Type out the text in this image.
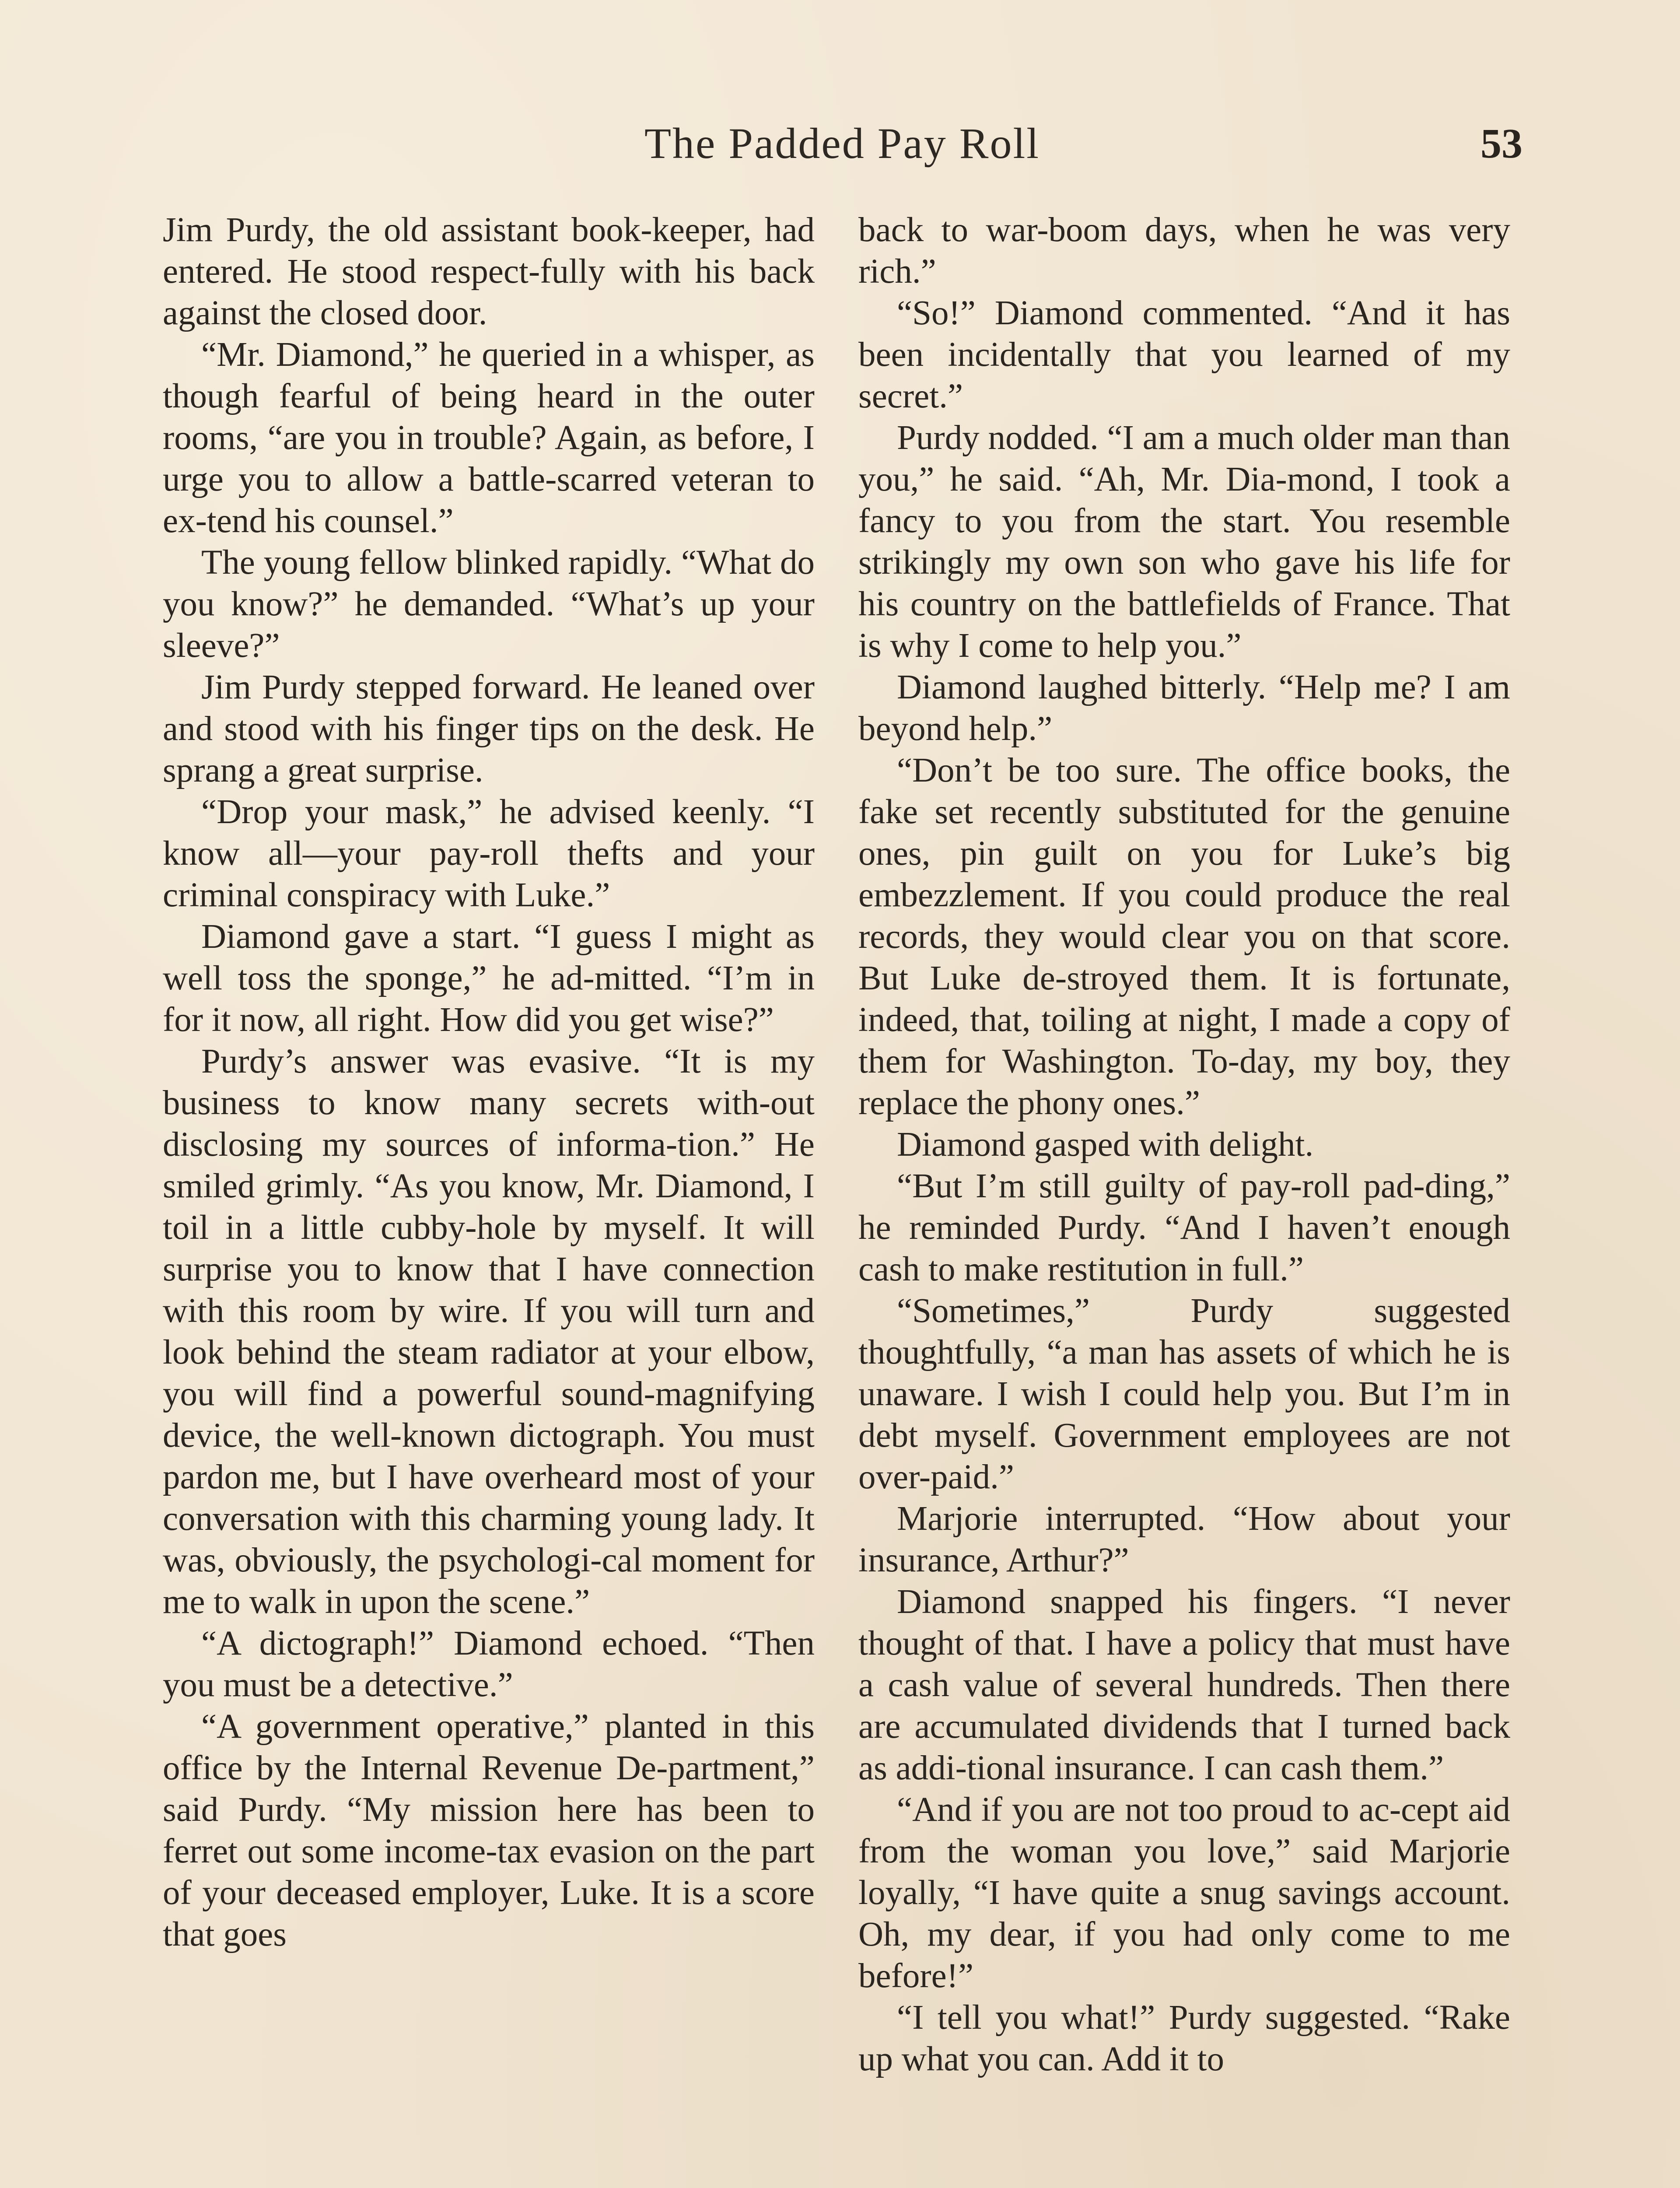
The Padded Pay Roll	53

Jim Purdy, the old assistant book-keeper, had entered. He stood respect-fully with his back against the closed door.

“Mr. Diamond,” he queried in a whisper, as though fearful of being heard in the outer rooms, “are you in trouble? Again, as before, I urge you to allow a battle-scarred veteran to ex-tend his counsel.”

The young fellow blinked rapidly. “What do you know?” he demanded. “What’s up your sleeve?”

Jim Purdy stepped forward. He leaned over and stood with his finger tips on the desk. He sprang a great surprise.

“Drop your mask,” he advised keenly. “I know all—your pay-roll thefts and your criminal conspiracy with Luke.”

Diamond gave a start. “I guess I might as well toss the sponge,” he ad-mitted. “I’m in for it now, all right. How did you get wise?”

Purdy’s answer was evasive. “It is my business to know many secrets with-out disclosing my sources of informa-tion.” He smiled grimly. “As you know, Mr. Diamond, I toil in a little cubby-hole by myself. It will surprise you to know that I have connection with this room by wire. If you will turn and look behind the steam radiator at your elbow, you will find a powerful sound-magnifying device, the well-known dictograph. You must pardon me, but I have overheard most of your conversation with this charming young lady. It was, obviously, the psychologi-cal moment for me to walk in upon the scene.”

“A dictograph!” Diamond echoed. “Then you must be a detective.”

“A government operative,” planted in this office by the Internal Revenue De-partment,” said Purdy. “My mission here has been to ferret out some income-tax evasion on the part of your deceased employer, Luke. It is a score that goes

back to war-boom days, when he was very rich.”

“So!” Diamond commented. “And it has been incidentally that you learned of my secret.”

Purdy nodded. “I am a much older man than you,” he said. “Ah, Mr. Dia-mond, I took a fancy to you from the start. You resemble strikingly my own son who gave his life for his country on the battlefields of France. That is why I come to help you.”

Diamond laughed bitterly. “Help me? I am beyond help.”

“Don’t be too sure. The office books, the fake set recently substituted for the genuine ones, pin guilt on you for Luke’s big embezzlement. If you could produce the real records, they would clear you on that score. But Luke de-stroyed them. It is fortunate, indeed, that, toiling at night, I made a copy of them for Washington. To-day, my boy, they replace the phony ones.”

Diamond gasped with delight.

“But I’m still guilty of pay-roll pad-ding,” he reminded Purdy. “And I haven’t enough cash to make restitution in full.”

“Sometimes,” Purdy suggested thoughtfully, “a man has assets of which he is unaware. I wish I could help you. But I’m in debt myself. Government employees are not over-paid.”

Marjorie interrupted. “How about your insurance, Arthur?”

Diamond snapped his fingers. “I never thought of that. I have a policy that must have a cash value of several hundreds. Then there are accumulated dividends that I turned back as addi-tional insurance. I can cash them.”

“And if you are not too proud to ac-cept aid from the woman you love,” said Marjorie loyally, “I have quite a snug savings account. Oh, my dear, if you had only come to me before!”

“I tell you what!” Purdy suggested. “Rake up what you can. Add it to
